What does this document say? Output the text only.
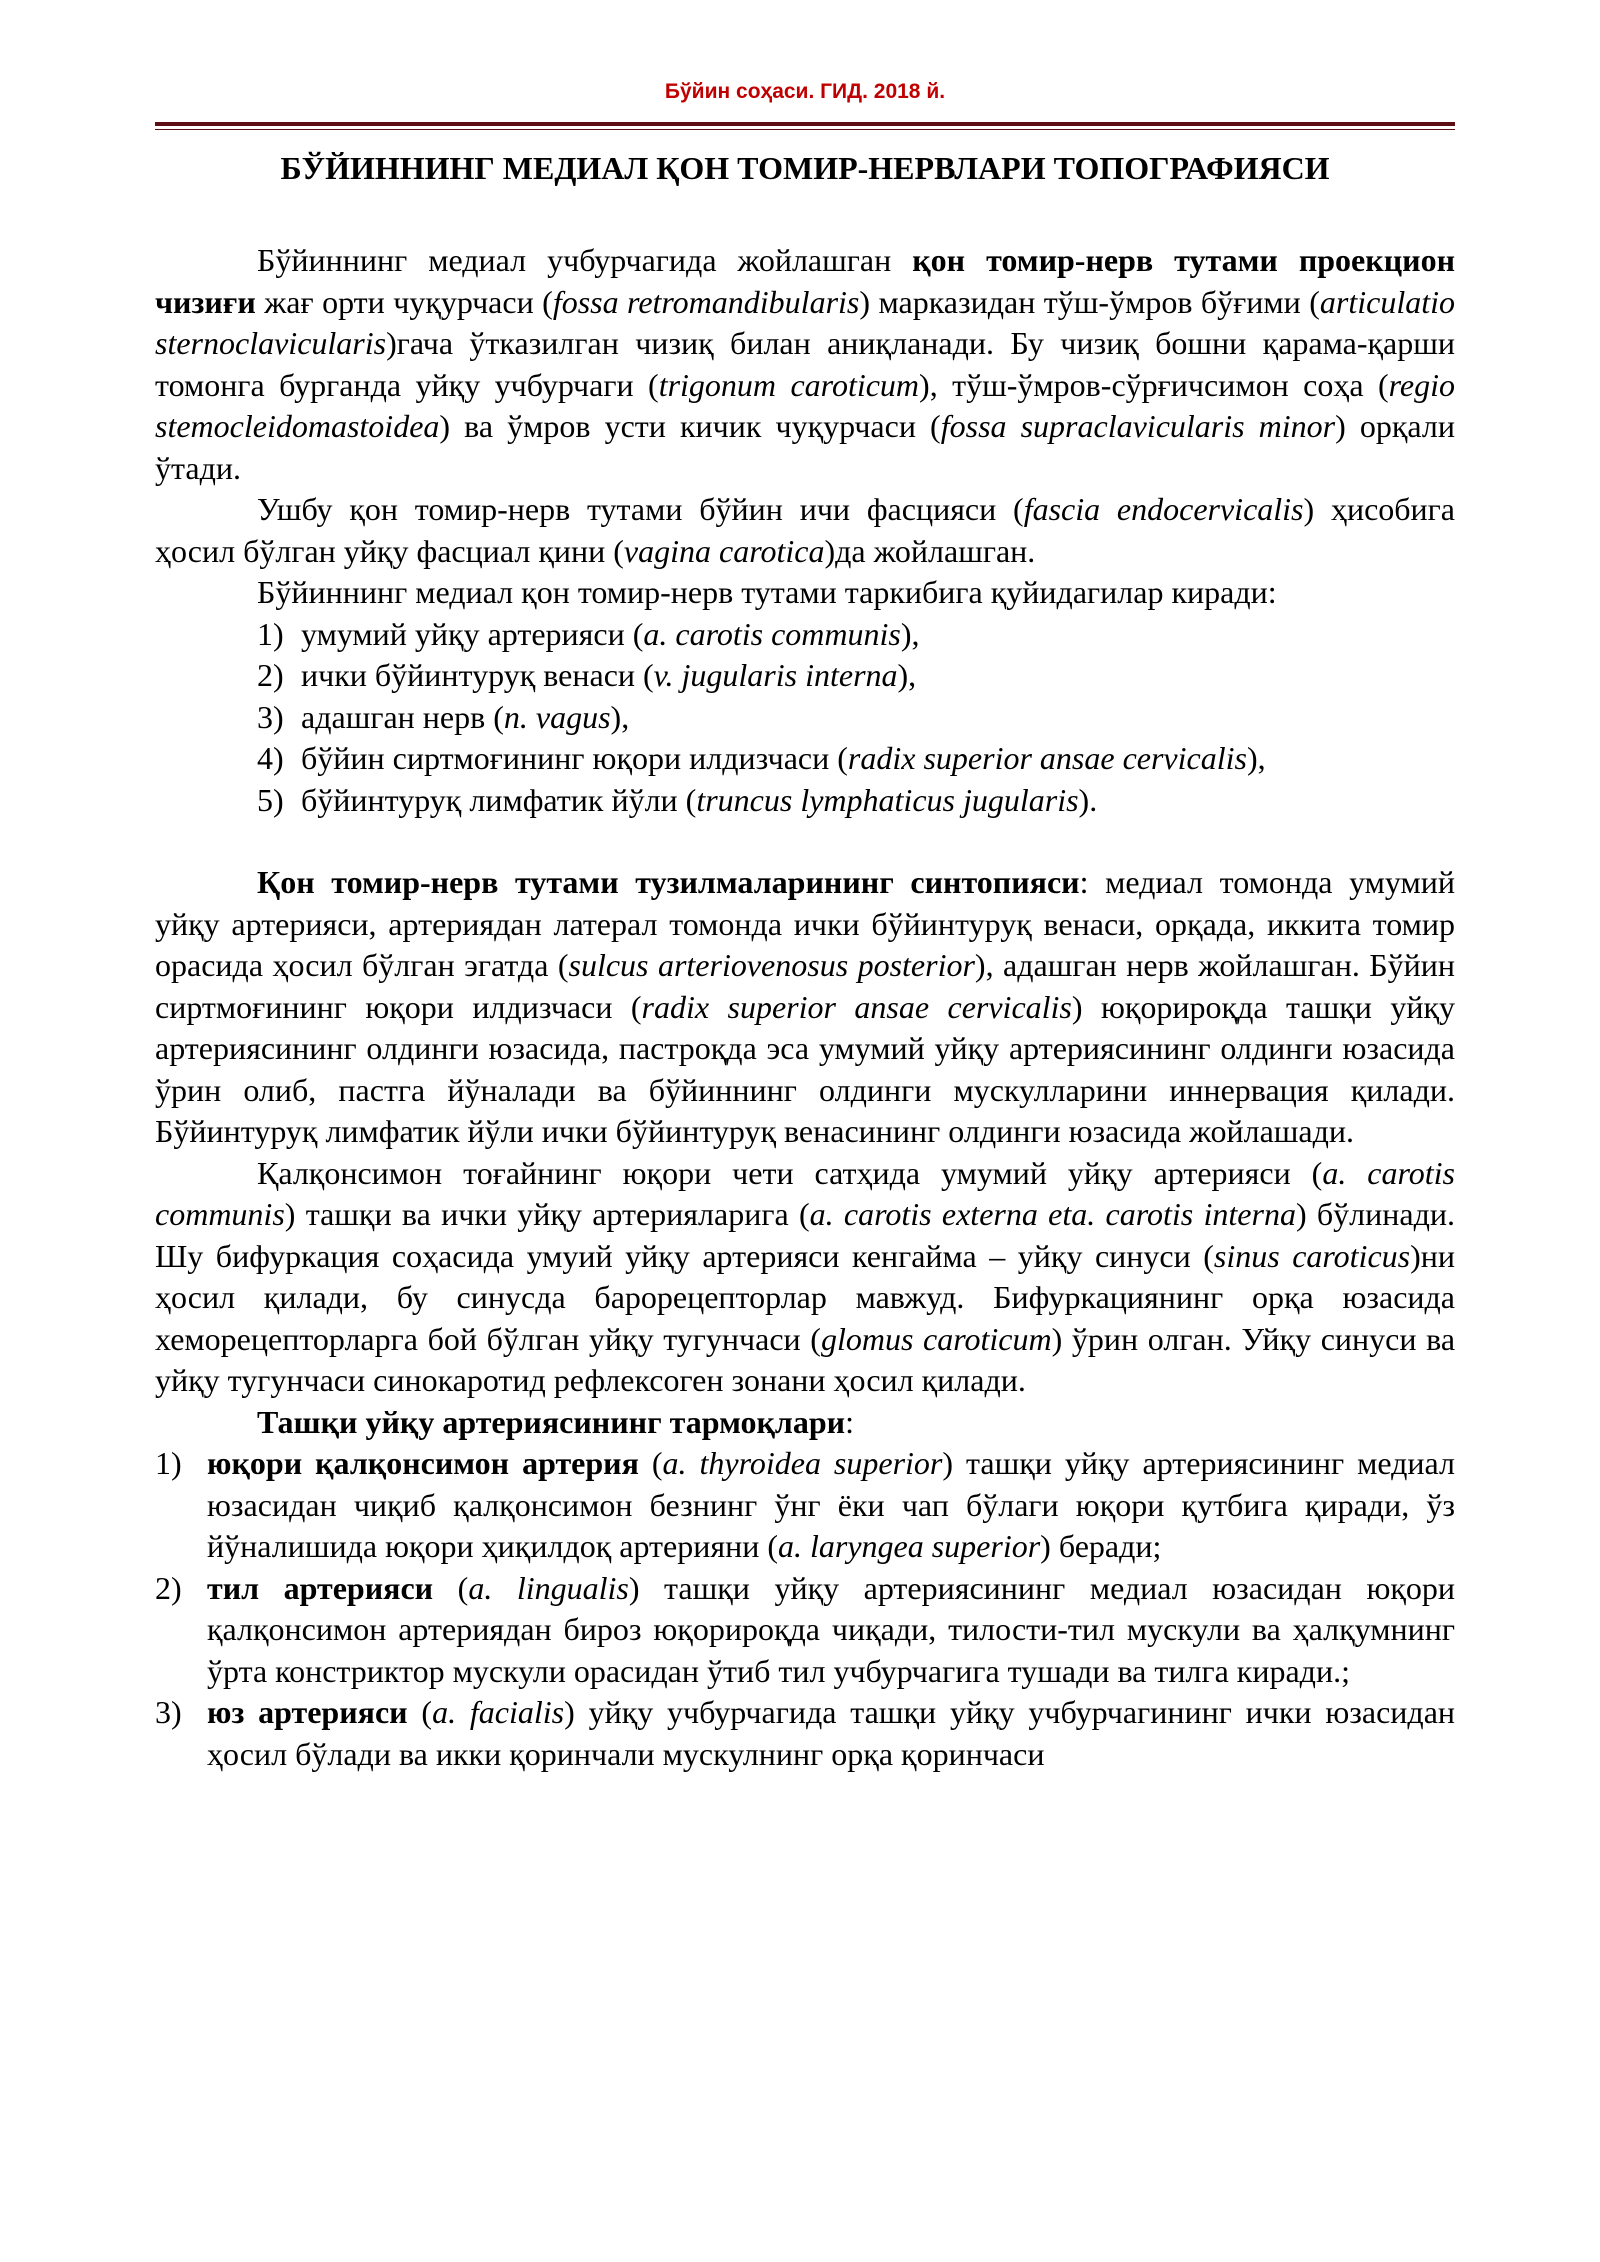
Бўйин соҳаси. ГИД. 2018 й.
БЎЙИННИНГ МЕДИАЛ ҚОН ТОМИР-НЕРВЛАРИ ТОПОГРАФИЯСИ

Бўйиннинг медиал учбурчагида жойлашган қон томир-нерв тутами проекцион чизиғи жағ орти чуқурчаси (fossa retromandibularis) марказидан тўш-ўмров бўғими (articulatio sternoclavicularis)гача ўтказилган чизиқ билан аниқланади. Бу чизиқ бошни қарама-қарши томонга бурганда уйқу учбурчаги (trigonum caroticum), тўш-ўмров-сўрғичсимон соҳа (regio stemocleidomastoidea) ва ўмров усти кичик чуқурчаси (fossa supraclavicularis minor) орқали ўтади.

Ушбу қон томир-нерв тутами бўйин ичи фасцияси (fascia endocervicalis) ҳисобига ҳосил бўлган уйқу фасциал қини (vagina carotica)да жойлашган.

Бўйиннинг медиал қон томир-нерв тутами таркибига қуйидагилар киради:

1) умумий уйқу артерияси (a. carotis communis),
2) ички бўйинтуруқ венаси (v. jugularis interna),
3) адашган нерв (n. vagus),
4) бўйин сиртмоғининг юқори илдизчаси (radix superior ansae cervicalis),
5) бўйинтуруқ лимфатик йўли (truncus lymphaticus jugularis).

Қон томир-нерв тутами тузилмаларининг синтопияси: медиал томонда умумий уйқу артерияси, артериядан латерал томонда ички бўйинтуруқ венаси, орқада, иккита томир орасида ҳосил бўлган эгатда (sulcus arteriovenosus posterior), адашган нерв жойлашган. Бўйин сиртмоғининг юқори илдизчаси (radix superior ansae cervicalis) юқорироқда ташқи уйқу артериясининг олдинги юзасида, пастроқда эса умумий уйқу артериясининг олдинги юзасида ўрин олиб, пастга йўналади ва бўйиннинг олдинги мускулларини иннервация қилади. Бўйинтуруқ лимфатик йўли ички бўйинтуруқ венасининг олдинги юзасида жойлашади.

Қалқонсимон тоғайнинг юқори чети сатҳида умумий уйқу артерияси (a. carotis communis) ташқи ва ички уйқу артерияларига (a. carotis externa eta. carotis interna) бўлинади. Шу бифуркация соҳасида умуий уйқу артерияси кенгайма – уйқу синуси (sinus caroticus)ни ҳосил қилади, бу синусда барорецепторлар мавжуд. Бифуркациянинг орқа юзасида хеморецепторларга бой бўлган уйқу тугунчаси (glomus caroticum) ўрин олган. Уйқу синуси ва уйқу тугунчаси синокаротид рефлексоген зонани ҳосил қилади.

Ташқи уйқу артериясининг тармоқлари:

1) юқори қалқонсимон артерия (a. thyroidea superior) ташқи уйқу артериясининг медиал юзасидан чиқиб қалқонсимон безнинг ўнг ёки чап бўлаги юқори қутбига қиради, ўз йўналишида юқори ҳиқилдоқ артерияни (a. laryngea superior) беради;
2) тил артерияси (a. lingualis) ташқи уйқу артериясининг медиал юзасидан юқори қалқонсимон артериядан бироз юқорироқда чиқади, тилости-тил мускули ва ҳалқумнинг ўрта констриктор мускули орасидан ўтиб тил учбурчагига тушади ва тилга киради.;
3) юз артерияси (a. facialis) уйқу учбурчагида ташқи уйқу учбурчагининг ички юзасидан ҳосил бўлади ва икки қоринчали мускулнинг орқа қоринчаси
